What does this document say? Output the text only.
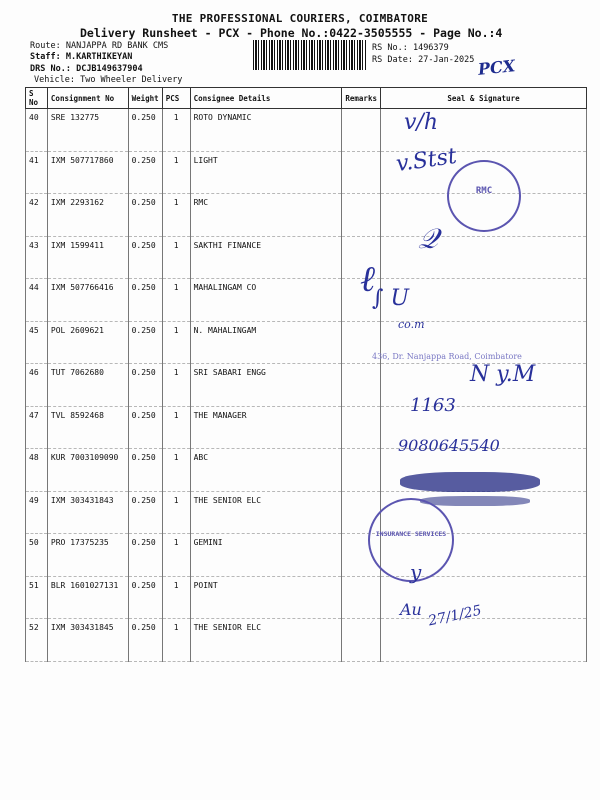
THE PROFESSIONAL COURIERS, COIMBATORE
Delivery Runsheet - PCX - Phone No.:0422-3505555 - Page No.:4
Route: NANJAPPA RD BANK CMS
Staff: M.KARTHIKEYAN
DRS No.: DCJB149637904
Vehicle: Two Wheeler Delivery
RS No.: 1496379
RS Date: 27-Jan-2025 PCX
S No	Consignment No	Weight	PCS	Consignee Details	Remarks	Seal & Signature
40	SRE 132775	0.250	1	ROTO DYNAMIC		
41	IXM 507717860	0.250	1	LIGHT		
42	IXM 2293162	0.250	1	RMC		
43	IXM 1599411	0.250	1	SAKTHI FINANCE		
44	IXM 507766416	0.250	1	MAHALINGAM CO		
45	POL 2609621	0.250	1	N. MAHALINGAM		
46	TUT 7062680	0.250	1	SRI SABARI ENGG		
47	TVL 8592468	0.250	1	THE MANAGER		
48	KUR 7003109090	0.250	1	ABC		
49	IXM 303431843	0.250	1	THE SENIOR ELC		
50	PRO 17375235	0.250	1	GEMINI		
51	BLR 1601027131	0.250	1	POINT		
52	IXM 303431845	0.250	1	THE SENIOR ELC		
v/h
v.Stst
RMC
𝒬
ℓ
∫ U
co.m
436, Dr. Nanjappa Road, Coimbatore
N y.M
1163
9080645540
INSURANCE SERVICES
y
Au 27/1/25
